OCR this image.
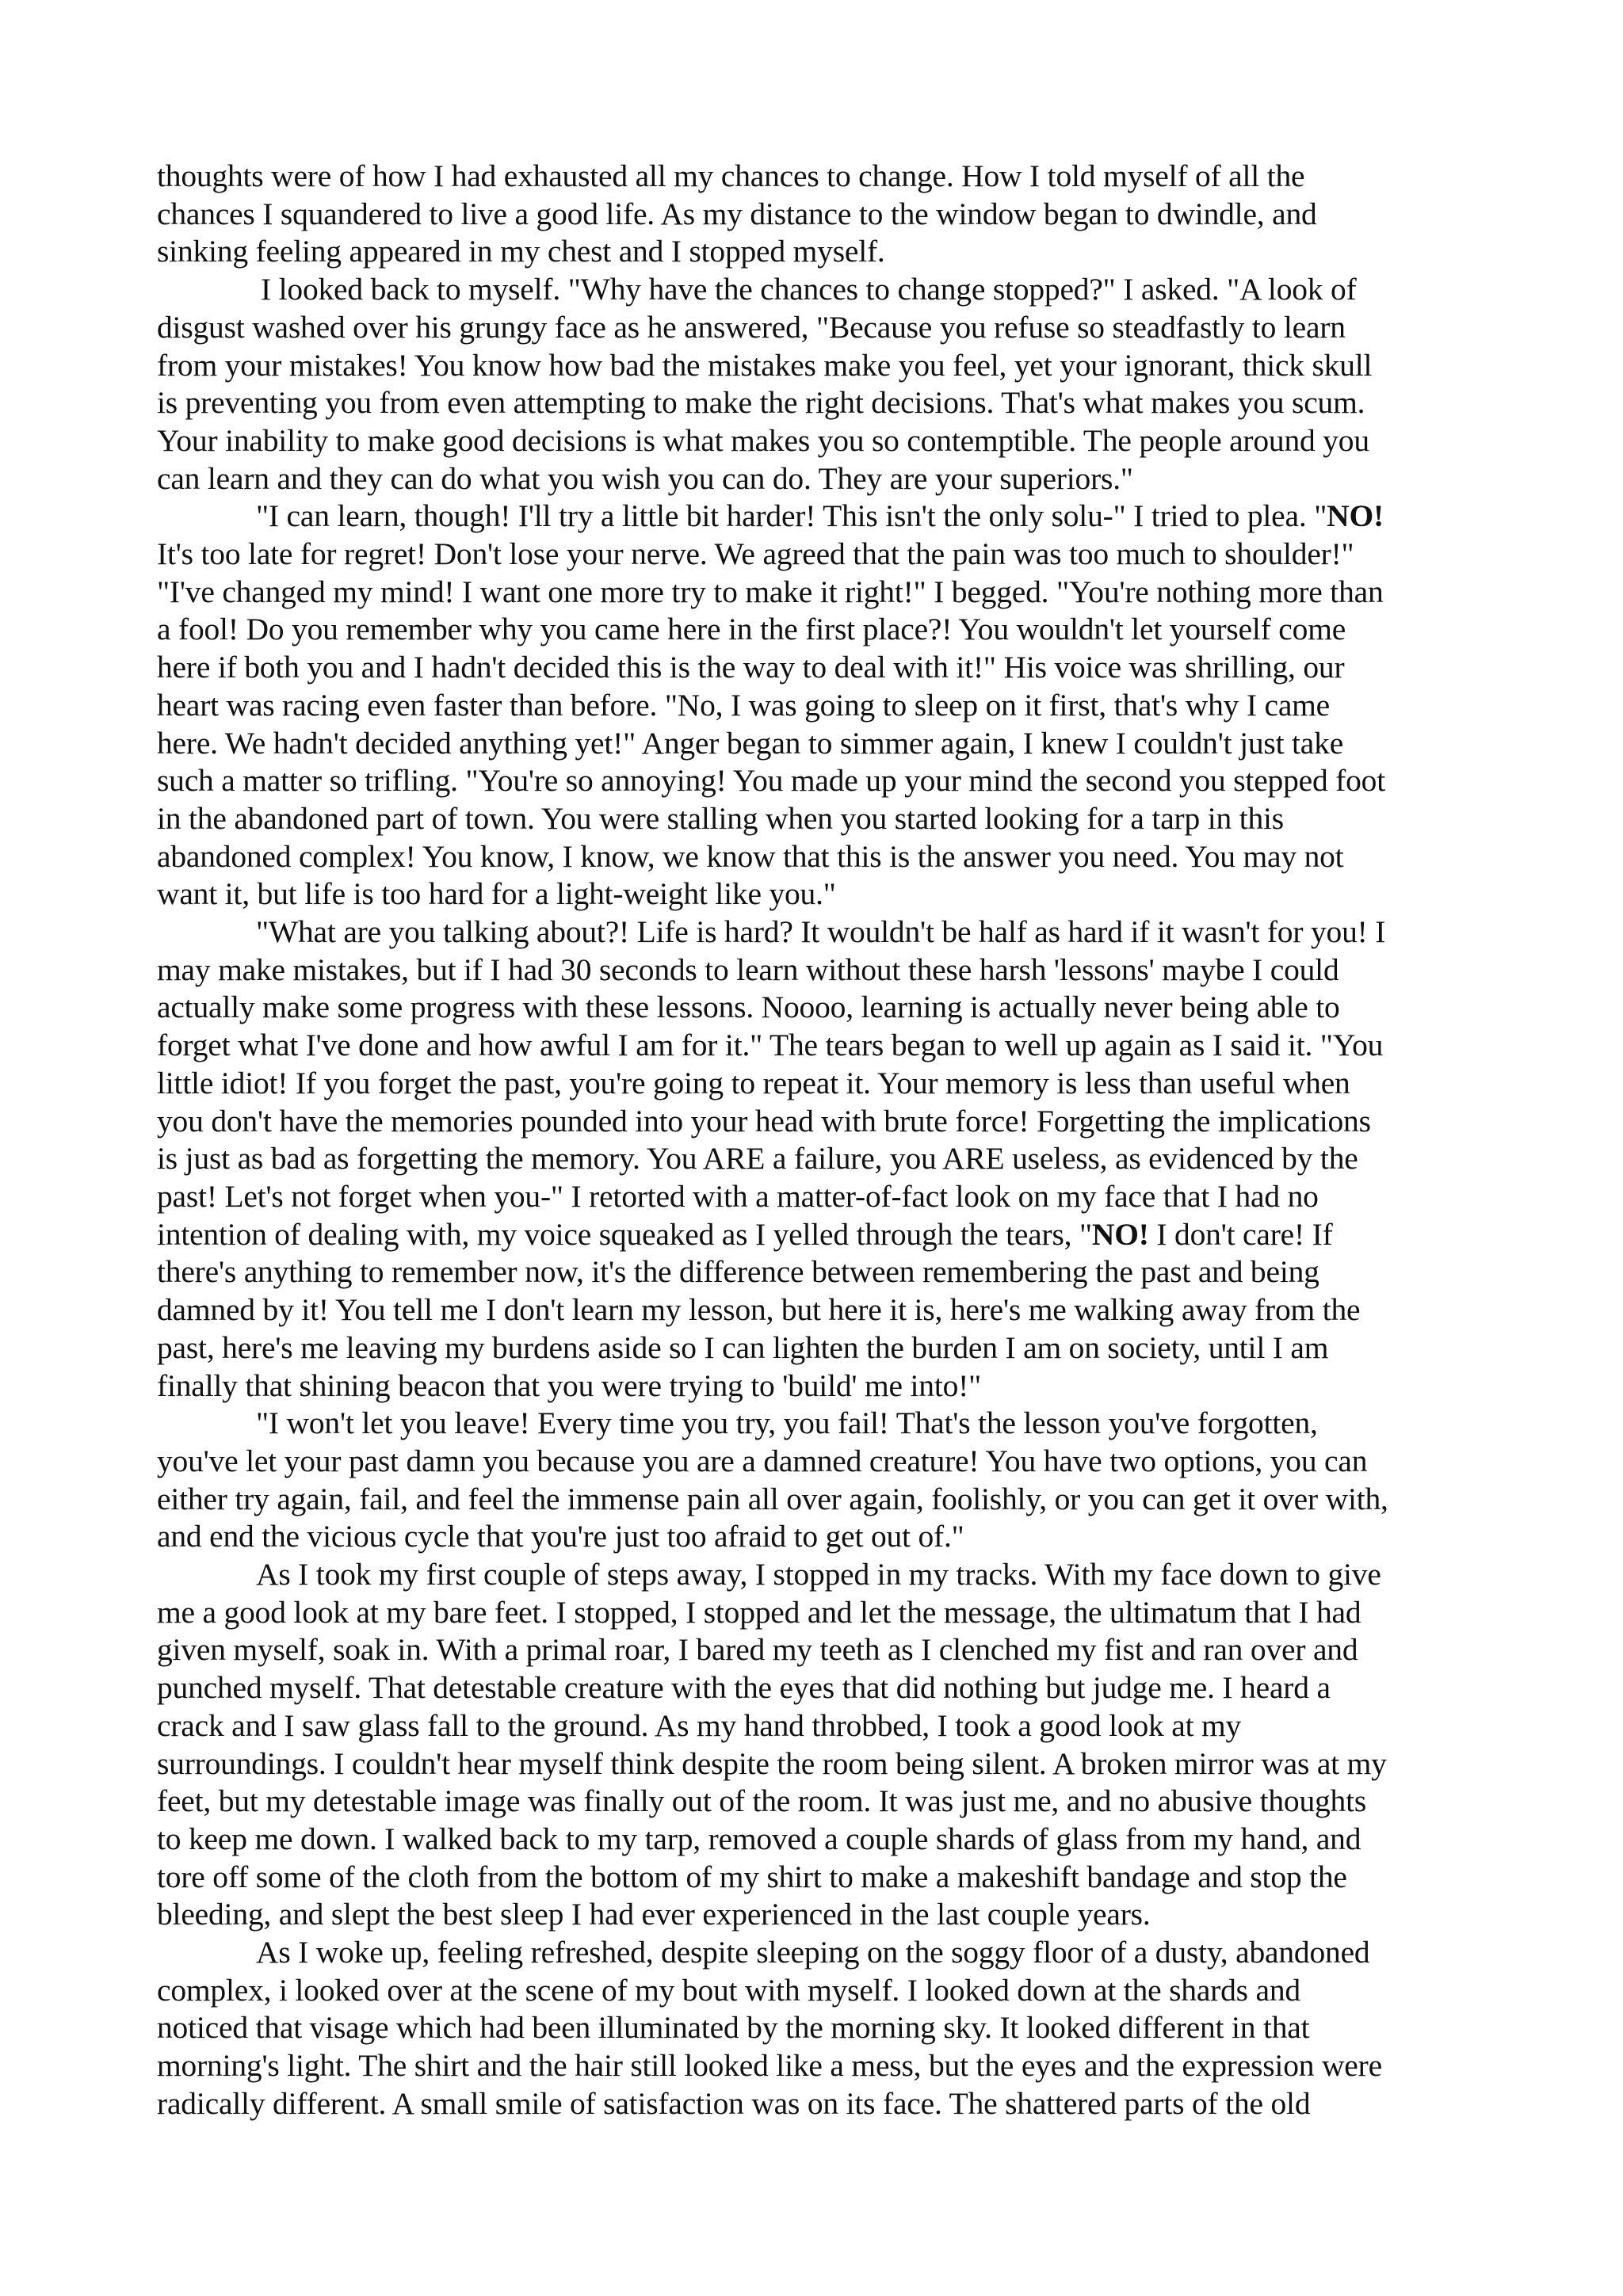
thoughts were of how I had exhausted all my chances to change. How I told myself of all the
chances I squandered to live a good life. As my distance to the window began to dwindle, and
sinking feeling appeared in my chest and I stopped myself.
I looked back to myself. "Why have the chances to change stopped?" I asked. "A look of
disgust washed over his grungy face as he answered, "Because you refuse so steadfastly to learn
from your mistakes! You know how bad the mistakes make you feel, yet your ignorant, thick skull
is preventing you from even attempting to make the right decisions. That's what makes you scum.
Your inability to make good decisions is what makes you so contemptible. The people around you
can learn and they can do what you wish you can do. They are your superiors."
"I can learn, though! I'll try a little bit harder! This isn't the only solu-" I tried to plea. "NO!
It's too late for regret! Don't lose your nerve. We agreed that the pain was too much to shoulder!"
"I've changed my mind! I want one more try to make it right!" I begged. "You're nothing more than
a fool! Do you remember why you came here in the first place?! You wouldn't let yourself come
here if both you and I hadn't decided this is the way to deal with it!" His voice was shrilling, our
heart was racing even faster than before. "No, I was going to sleep on it first, that's why I came
here. We hadn't decided anything yet!" Anger began to simmer again, I knew I couldn't just take
such a matter so trifling. "You're so annoying! You made up your mind the second you stepped foot
in the abandoned part of town. You were stalling when you started looking for a tarp in this
abandoned complex! You know, I know, we know that this is the answer you need. You may not
want it, but life is too hard for a light-weight like you."
"What are you talking about?! Life is hard? It wouldn't be half as hard if it wasn't for you! I
may make mistakes, but if I had 30 seconds to learn without these harsh 'lessons' maybe I could
actually make some progress with these lessons. Noooo, learning is actually never being able to
forget what I've done and how awful I am for it." The tears began to well up again as I said it. "You
little idiot! If you forget the past, you're going to repeat it. Your memory is less than useful when
you don't have the memories pounded into your head with brute force! Forgetting the implications
is just as bad as forgetting the memory. You ARE a failure, you ARE useless, as evidenced by the
past! Let's not forget when you-" I retorted with a matter-of-fact look on my face that I had no
intention of dealing with, my voice squeaked as I yelled through the tears, "NO! I don't care! If
there's anything to remember now, it's the difference between remembering the past and being
damned by it! You tell me I don't learn my lesson, but here it is, here's me walking away from the
past, here's me leaving my burdens aside so I can lighten the burden I am on society, until I am
finally that shining beacon that you were trying to 'build' me into!"
"I won't let you leave! Every time you try, you fail! That's the lesson you've forgotten,
you've let your past damn you because you are a damned creature! You have two options, you can
either try again, fail, and feel the immense pain all over again, foolishly, or you can get it over with,
and end the vicious cycle that you're just too afraid to get out of."
As I took my first couple of steps away, I stopped in my tracks. With my face down to give
me a good look at my bare feet. I stopped, I stopped and let the message, the ultimatum that I had
given myself, soak in. With a primal roar, I bared my teeth as I clenched my fist and ran over and
punched myself. That detestable creature with the eyes that did nothing but judge me. I heard a
crack and I saw glass fall to the ground. As my hand throbbed, I took a good look at my
surroundings. I couldn't hear myself think despite the room being silent. A broken mirror was at my
feet, but my detestable image was finally out of the room. It was just me, and no abusive thoughts
to keep me down. I walked back to my tarp, removed a couple shards of glass from my hand, and
tore off some of the cloth from the bottom of my shirt to make a makeshift bandage and stop the
bleeding, and slept the best sleep I had ever experienced in the last couple years.
As I woke up, feeling refreshed, despite sleeping on the soggy floor of a dusty, abandoned
complex, i looked over at the scene of my bout with myself. I looked down at the shards and
noticed that visage which had been illuminated by the morning sky. It looked different in that
morning's light. The shirt and the hair still looked like a mess, but the eyes and the expression were
radically different. A small smile of satisfaction was on its face. The shattered parts of the old
